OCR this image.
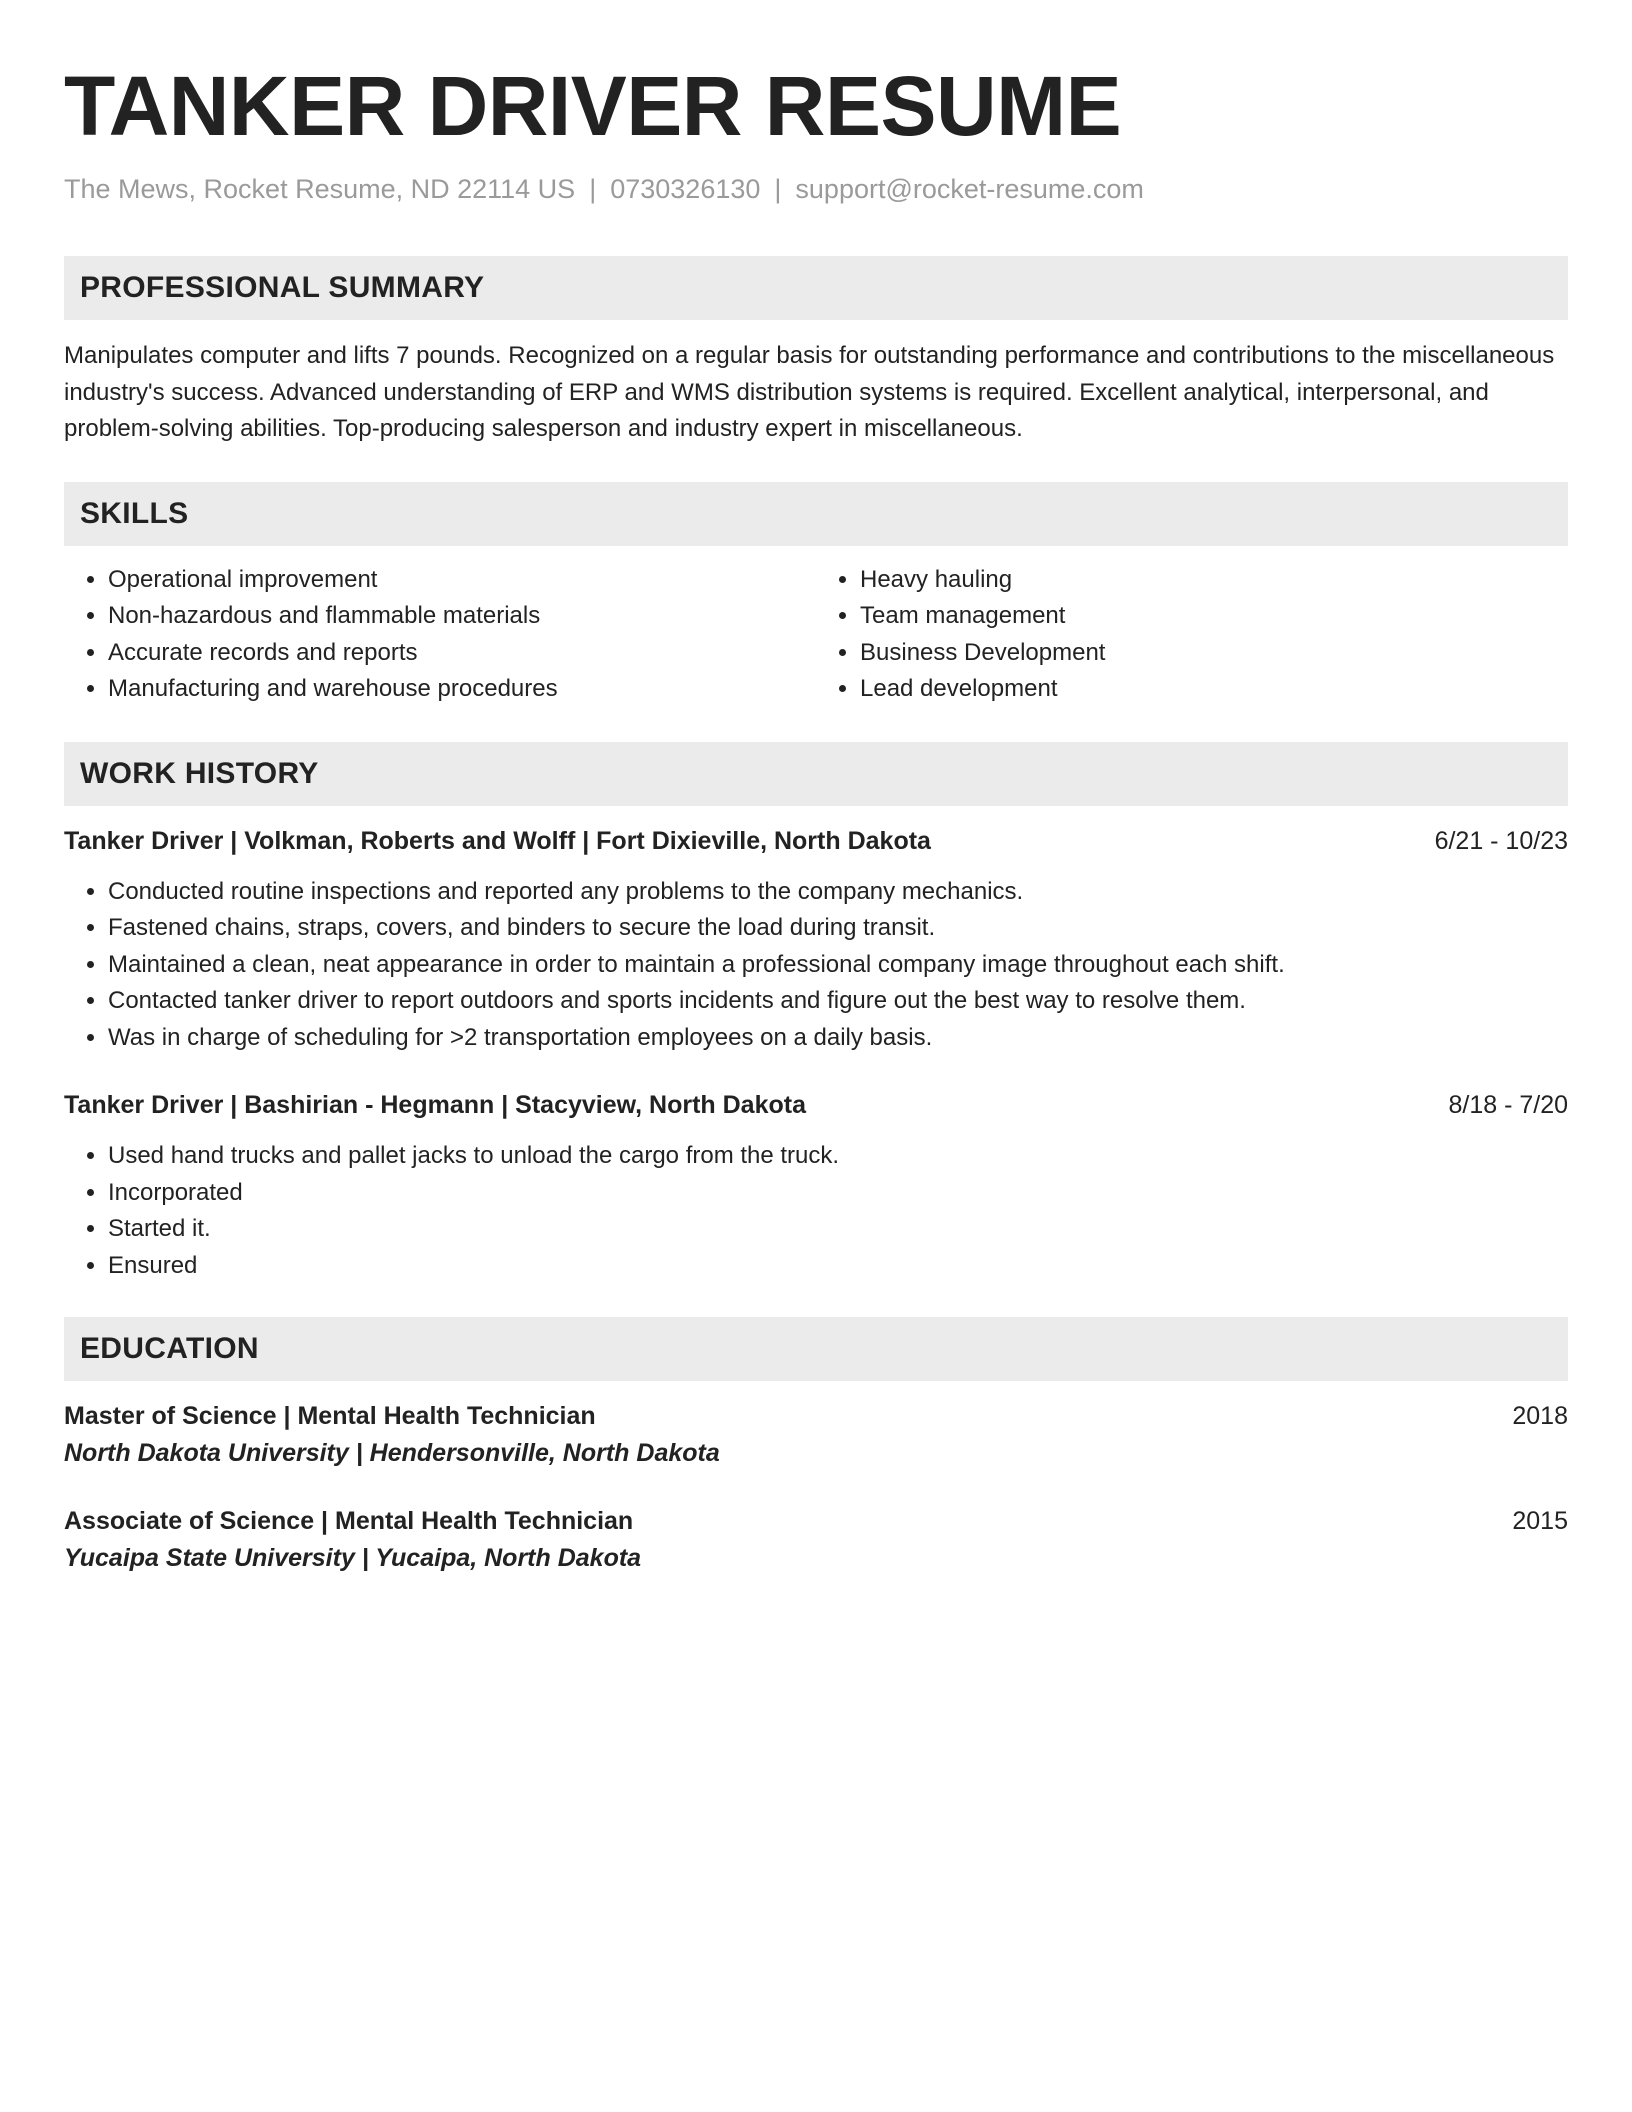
TANKER DRIVER RESUME
The Mews, Rocket Resume, ND 22114 US | 0730326130 | support@rocket-resume.com
PROFESSIONAL SUMMARY

Manipulates computer and lifts 7 pounds. Recognized on a regular basis for outstanding performance and contributions to the miscellaneous industry's success. Advanced understanding of ERP and WMS distribution systems is required. Excellent analytical, interpersonal, and problem-solving abilities. Top-producing salesperson and industry expert in miscellaneous.

SKILLS
• Operational improvement
• Non-hazardous and flammable materials
• Accurate records and reports
• Manufacturing and warehouse procedures
• Heavy hauling
• Team management
• Business Development
• Lead development
WORK HISTORY
Tanker Driver | Volkman, Roberts and Wolff | Fort Dixieville, North Dakota	6/21 - 10/23
• Conducted routine inspections and reported any problems to the company mechanics.
• Fastened chains, straps, covers, and binders to secure the load during transit.
• Maintained a clean, neat appearance in order to maintain a professional company image throughout each shift.
• Contacted tanker driver to report outdoors and sports incidents and figure out the best way to resolve them.
• Was in charge of scheduling for >2 transportation employees on a daily basis.
Tanker Driver | Bashirian - Hegmann | Stacyview, North Dakota	8/18 - 7/20
• Used hand trucks and pallet jacks to unload the cargo from the truck.
• Incorporated
• Started it.
• Ensured
EDUCATION
Master of Science | Mental Health Technician	2018
North Dakota University | Hendersonville, North Dakota
Associate of Science | Mental Health Technician	2015
Yucaipa State University | Yucaipa, North Dakota
